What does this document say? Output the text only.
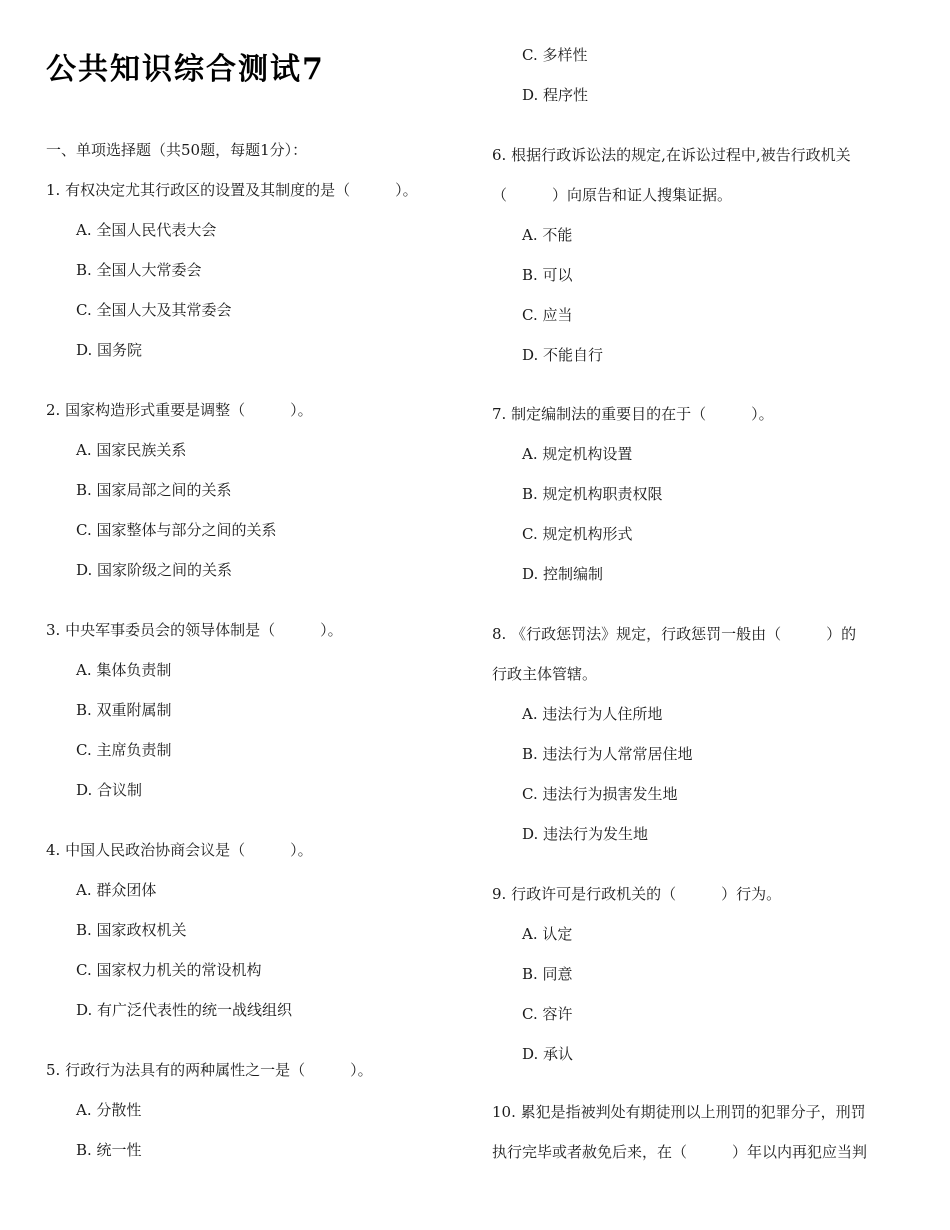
公共知识综合测试7
一、单项选择题（共50题，每题1分）：
1. 有权决定尤其行政区的设置及其制度的是（　　　）。
A. 全国人民代表大会
B. 全国人大常委会
C. 全国人大及其常委会
D. 国务院
2. 国家构造形式重要是调整（　　　）。
A. 国家民族关系
B. 国家局部之间的关系
C. 国家整体与部分之间的关系
D. 国家阶级之间的关系
3. 中央军事委员会的领导体制是（　　　）。
A. 集体负责制
B. 双重附属制
C. 主席负责制
D. 合议制
4. 中国人民政治协商会议是（　　　）。
A. 群众团体
B. 国家政权机关
C. 国家权力机关的常设机构
D. 有广泛代表性的统一战线组织
5. 行政行为法具有的两种属性之一是（　　　）。
A. 分散性
B. 统一性
C. 多样性
D. 程序性
6. 根据行政诉讼法的规定,在诉讼过程中,被告行政机关
（　　　）向原告和证人搜集证据。
A. 不能
B. 可以
C. 应当
D. 不能自行
7. 制定编制法的重要目的在于（　　　）。
A. 规定机构设置
B. 规定机构职责权限
C. 规定机构形式
D. 控制编制
8. 《行政惩罚法》规定，行政惩罚一般由（　　　）的
行政主体管辖。
A. 违法行为人住所地
B. 违法行为人常常居住地
C. 违法行为损害发生地
D. 违法行为发生地
9. 行政许可是行政机关的（　　　）行为。
A. 认定
B. 同意
C. 容许
D. 承认
10. 累犯是指被判处有期徒刑以上刑罚的犯罪分子，刑罚
执行完毕或者赦免后来，在（　　　）年以内再犯应当判
